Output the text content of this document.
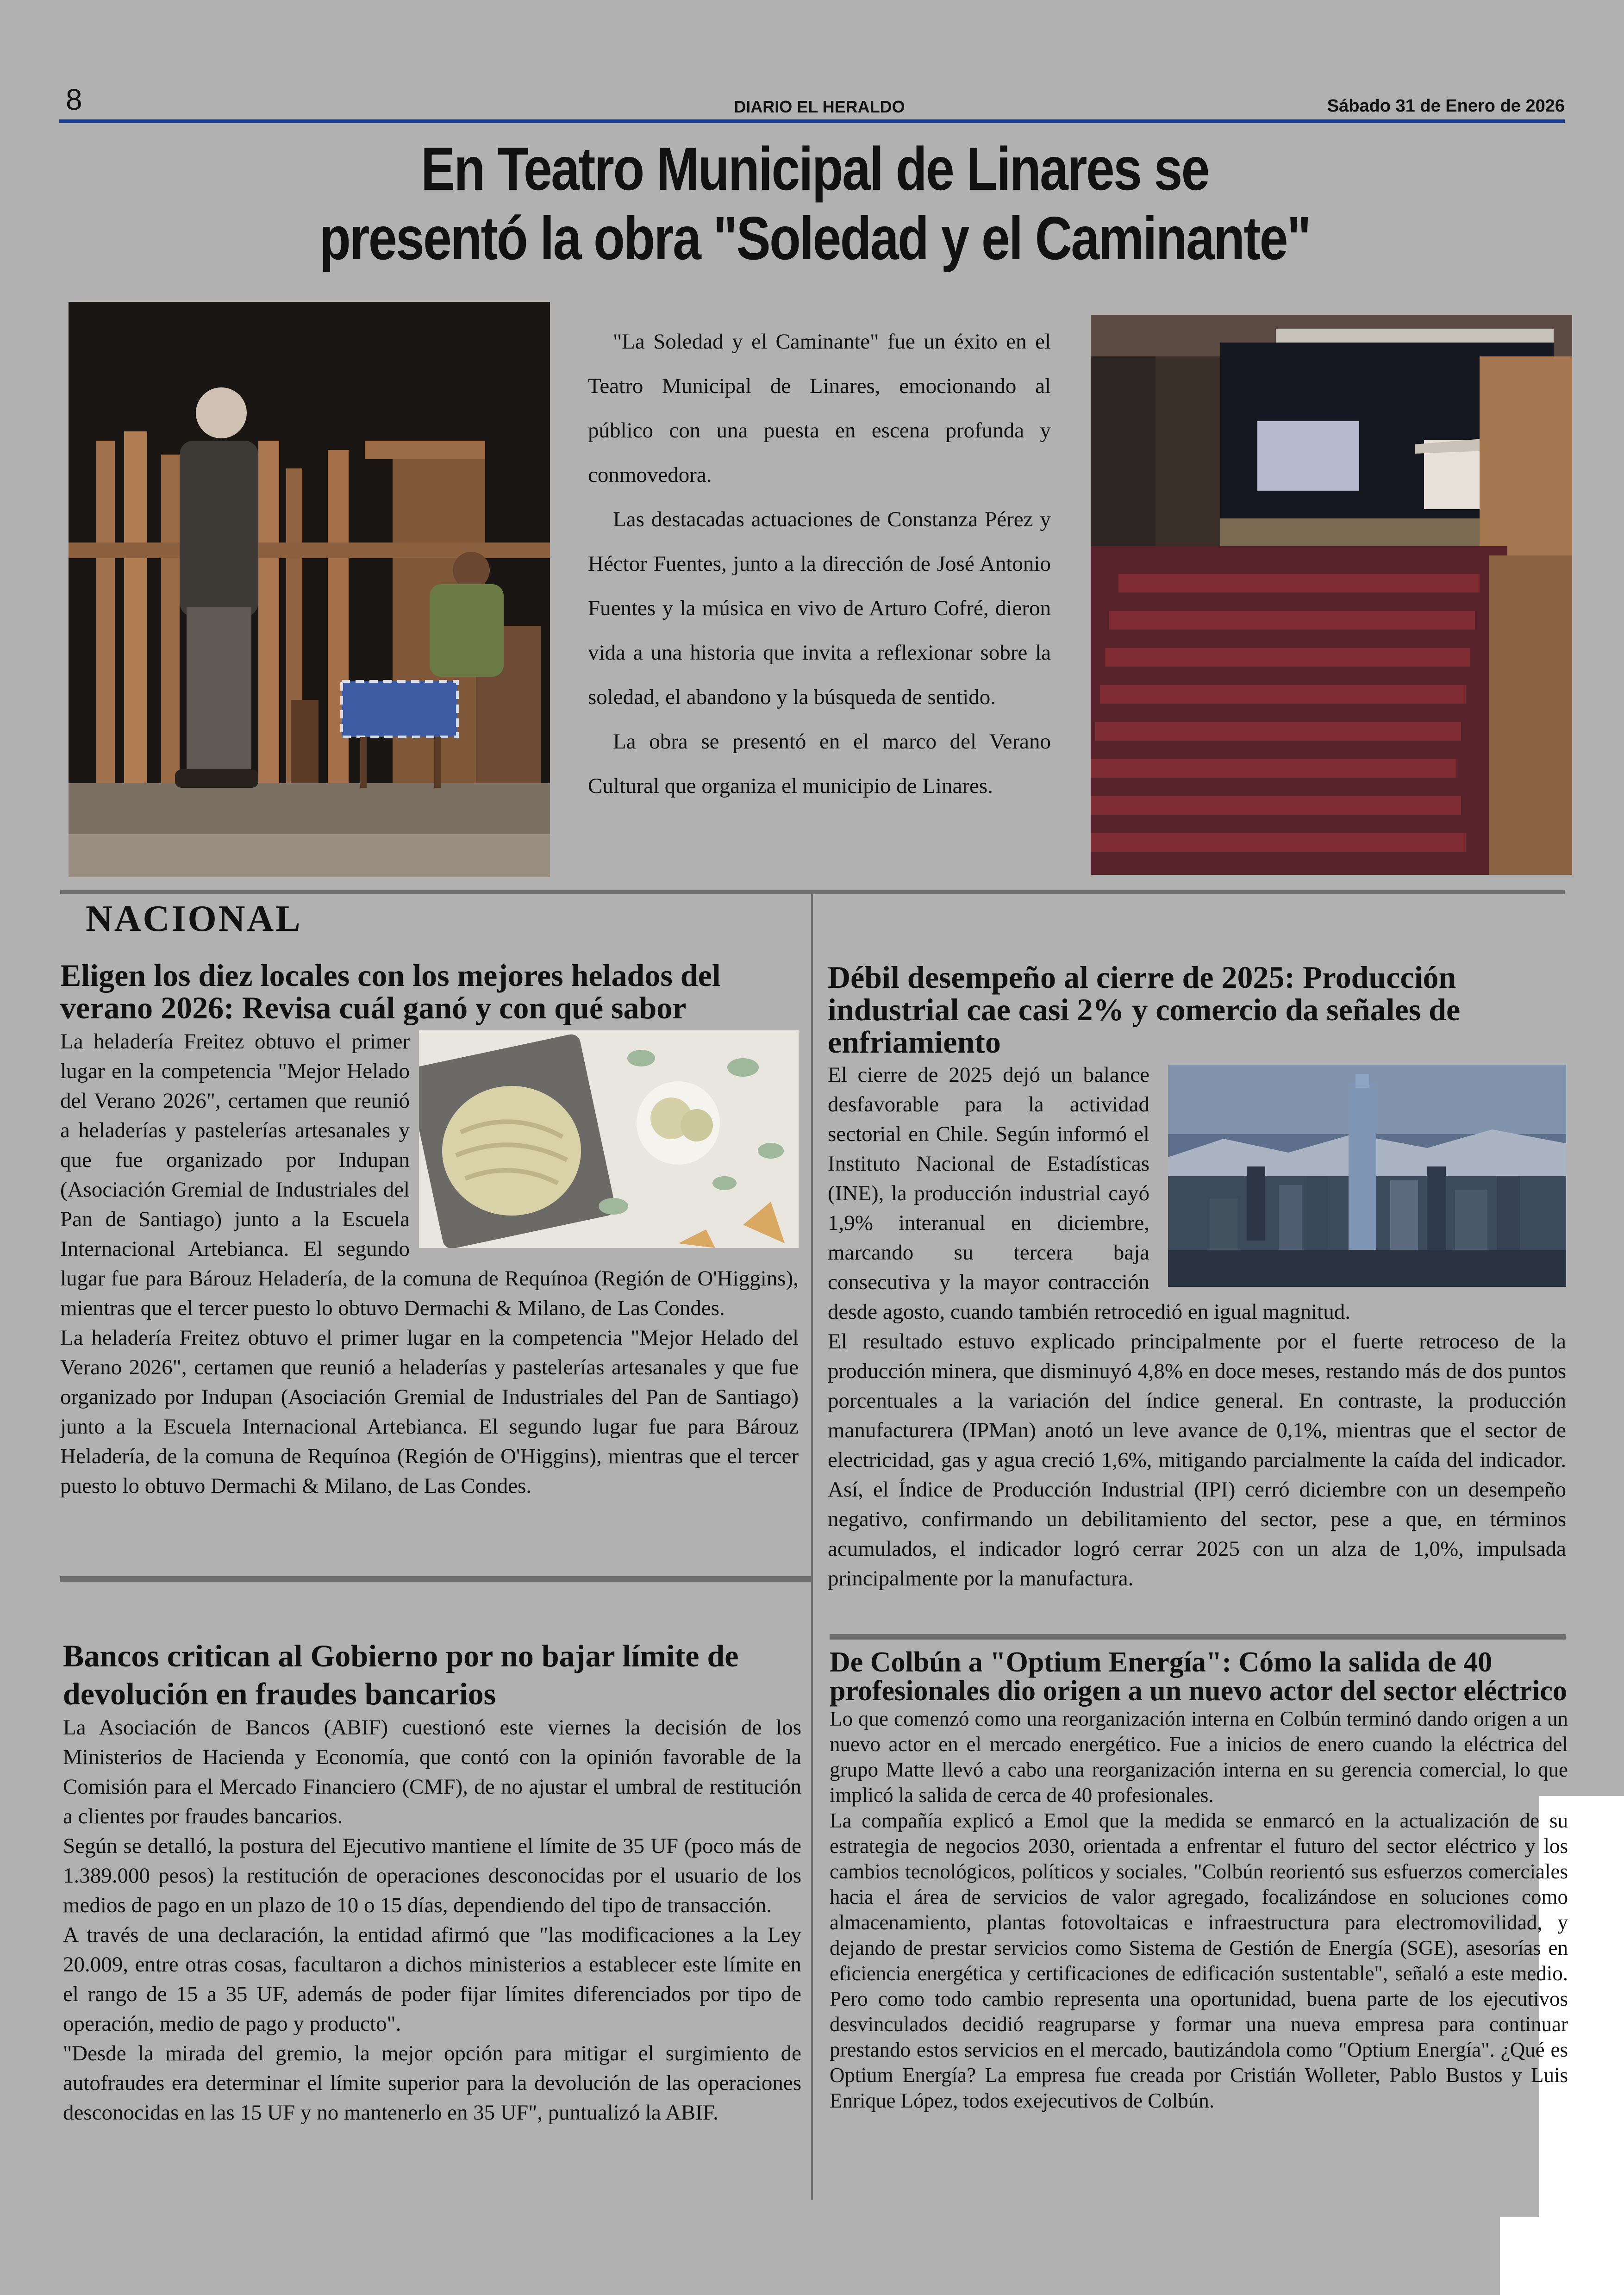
8	DIARIO EL HERALDO	Sábado 31 de Enero de 2026
En Teatro Municipal de Linares se
presentó la obra "Soledad y el Caminante"

"La Soledad y el Caminante" fue un éxito en el Teatro Municipal de Linares, emocionando al público con una puesta en escena profunda y conmovedora.

Las destacadas actuaciones de Constanza Pérez y Héctor Fuentes, junto a la dirección de José Antonio Fuentes y la música en vivo de Arturo Cofré, dieron vida a una historia que invita a reflexionar sobre la soledad, el abandono y la búsqueda de sentido.

La obra se presentó en el marco del Verano Cultural que organiza el municipio de Linares.

NACIONAL
Eligen los diez locales con los mejores helados del verano 2026: Revisa cuál ganó y con qué sabor

La heladería Freitez obtuvo el primer lugar en la competencia "Mejor Helado del Verano 2026", certamen que reunió a heladerías y pastelerías artesanales y que fue organizado por Indupan (Asociación Gremial de Industriales del Pan de Santiago) junto a la Escuela Internacional Artebianca. El segundo lugar fue para Bárouz Heladería, de la comuna de Requínoa (Región de O'Higgins), mientras que el tercer puesto lo obtuvo Dermachi & Milano, de Las Condes.

La heladería Freitez obtuvo el primer lugar en la competencia "Mejor Helado del Verano 2026", certamen que reunió a heladerías y pastelerías artesanales y que fue organizado por Indupan (Asociación Gremial de Industriales del Pan de Santiago) junto a la Escuela Internacional Artebianca. El segundo lugar fue para Bárouz Heladería, de la comuna de Requínoa (Región de O'Higgins), mientras que el tercer puesto lo obtuvo Dermachi & Milano, de Las Condes.

Débil desempeño al cierre de 2025: Producción industrial cae casi 2% y comercio da señales de enfriamiento

El cierre de 2025 dejó un balance desfavorable para la actividad sectorial en Chile. Según informó el Instituto Nacional de Estadísticas (INE), la producción industrial cayó 1,9% interanual en diciembre, marcando su tercera baja consecutiva y la mayor contracción desde agosto, cuando también retrocedió en igual magnitud.

El resultado estuvo explicado principalmente por el fuerte retroceso de la producción minera, que disminuyó 4,8% en doce meses, restando más de dos puntos porcentuales a la variación del índice general. En contraste, la producción manufacturera (IPMan) anotó un leve avance de 0,1%, mientras que el sector de electricidad, gas y agua creció 1,6%, mitigando parcialmente la caída del indicador. Así, el Índice de Producción Industrial (IPI) cerró diciembre con un desempeño negativo, confirmando un debilitamiento del sector, pese a que, en términos acumulados, el indicador logró cerrar 2025 con un alza de 1,0%, impulsada principalmente por la manufactura.

Bancos critican al Gobierno por no bajar límite de devolución en fraudes bancarios

La Asociación de Bancos (ABIF) cuestionó este viernes la decisión de los Ministerios de Hacienda y Economía, que contó con la opinión favorable de la Comisión para el Mercado Financiero (CMF), de no ajustar el umbral de restitución a clientes por fraudes bancarios.

Según se detalló, la postura del Ejecutivo mantiene el límite de 35 UF (poco más de 1.389.000 pesos) la restitución de operaciones desconocidas por el usuario de los medios de pago en un plazo de 10 o 15 días, dependiendo del tipo de transacción.

A través de una declaración, la entidad afirmó que "las modificaciones a la Ley 20.009, entre otras cosas, facultaron a dichos ministerios a establecer este límite en el rango de 15 a 35 UF, además de poder fijar límites diferenciados por tipo de operación, medio de pago y producto".

"Desde la mirada del gremio, la mejor opción para mitigar el surgimiento de autofraudes era determinar el límite superior para la devolución de las operaciones desconocidas en las 15 UF y no mantenerlo en 35 UF", puntualizó la ABIF.

De Colbún a "Optium Energía": Cómo la salida de 40 profesionales dio origen a un nuevo actor del sector eléctrico

Lo que comenzó como una reorganización interna en Colbún terminó dando origen a un nuevo actor en el mercado energético. Fue a inicios de enero cuando la eléctrica del grupo Matte llevó a cabo una reorganización interna en su gerencia comercial, lo que implicó la salida de cerca de 40 profesionales.

La compañía explicó a Emol que la medida se enmarcó en la actualización de su estrategia de negocios 2030, orientada a enfrentar el futuro del sector eléctrico y los cambios tecnológicos, políticos y sociales. "Colbún reorientó sus esfuerzos comerciales hacia el área de servicios de valor agregado, focalizándose en soluciones como almacenamiento, plantas fotovoltaicas e infraestructura para electromovilidad, y dejando de prestar servicios como Sistema de Gestión de Energía (SGE), asesorías en eficiencia energética y certificaciones de edificación sustentable", señaló a este medio. Pero como todo cambio representa una oportunidad, buena parte de los ejecutivos desvinculados decidió reagruparse y formar una nueva empresa para continuar prestando estos servicios en el mercado, bautizándola como "Optium Energía". ¿Qué es Optium Energía? La empresa fue creada por Cristián Wolleter, Pablo Bustos y Luis Enrique López, todos exejecutivos de Colbún.
